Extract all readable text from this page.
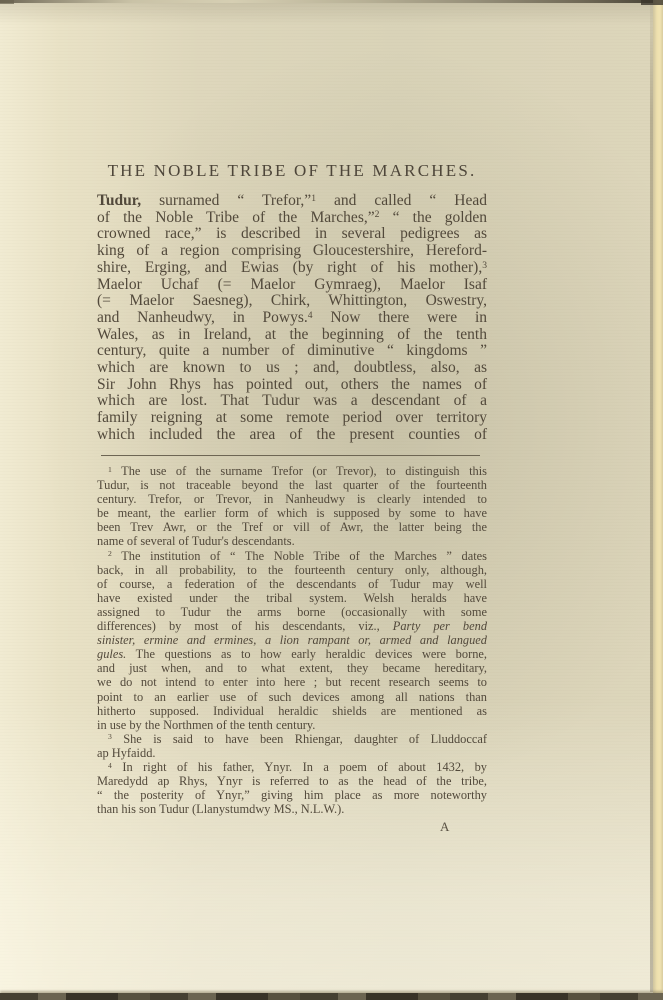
THE NOBLE TRIBE OF THE MARCHES.
Tudur, surnamed “ Trefor,”$^1$ and called “ Head
of the Noble Tribe of the Marches,”$^2$ “ the golden
crowned race,” is described in several pedigrees as
king of a region comprising Gloucestershire, Hereford-
shire, Erging, and Ewias (by right of his mother),$^3$
Maelor Uchaf (= Maelor Gymraeg), Maelor Isaf
(= Maelor Saesneg), Chirk, Whittington, Oswestry,
and Nanheudwy, in Powys.$^4$ Now there were in
Wales, as in Ireland, at the beginning of the tenth
century, quite a number of diminutive “ kingdoms ”
which are known to us ; and, doubtless, also, as
Sir John Rhys has pointed out, others the names of
which are lost. That Tudur was a descendant of a
family reigning at some remote period over territory
which included the area of the present counties of
$^1$ The use of the surname Trefor (or Trevor), to distinguish this
Tudur, is not traceable beyond the last quarter of the fourteenth
century. Trefor, or Trevor, in Nanheudwy is clearly intended to
be meant, the earlier form of which is supposed by some to have
been Trev Awr, or the Tref or vill of Awr, the latter being the
name of several of Tudur's descendants.
$^2$ The institution of “ The Noble Tribe of the Marches ” dates
back, in all probability, to the fourteenth century only, although,
of course, a federation of the descendants of Tudur may well
have existed under the tribal system. Welsh heralds have
assigned to Tudur the arms borne (occasionally with some
differences) by most of his descendants, viz., Party per bend
sinister, ermine and ermines, a lion rampant or, armed and langued
gules. The questions as to how early heraldic devices were borne,
and just when, and to what extent, they became hereditary,
we do not intend to enter into here ; but recent research seems to
point to an earlier use of such devices among all nations than
hitherto supposed. Individual heraldic shields are mentioned as
in use by the Northmen of the tenth century.
$^3$ She is said to have been Rhiengar, daughter of Lluddoccaf
ap Hyfaidd.
$^4$ In right of his father, Ynyr. In a poem of about 1432, by
Maredydd ap Rhys, Ynyr is referred to as the head of the tribe,
“ the posterity of Ynyr,” giving him place as more noteworthy
than his son Tudur (Llanystumdwy MS., N.L.W.).
A
